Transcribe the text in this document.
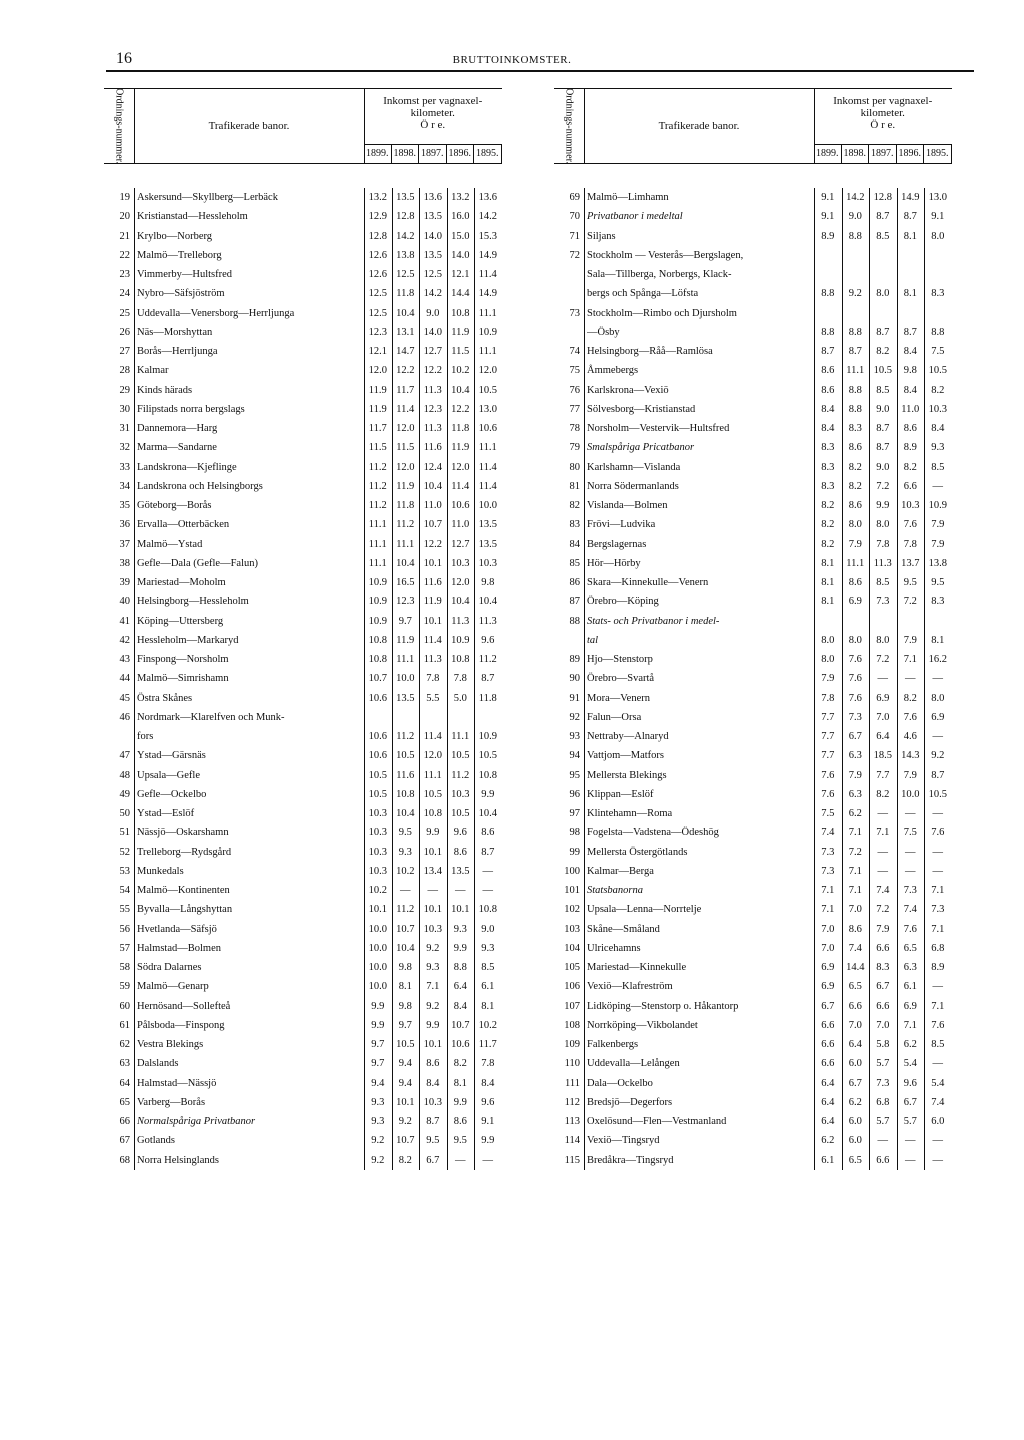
16	BRUTTOINKOMSTER.
Ordnings-nummer.	Trafikerade banor.
Inkomst per vagnaxel-
kilometer.
Ö r e.
1899. 1898. 1897. 1896. 1895.
19 Askersund—Skyllberg—Lerbäck	13.2 13.5 13.6 13.2 13.6
20 Kristianstad—Hessleholm	12.9 12.8 13.5 16.0 14.2
21 Krylbo—Norberg	12.8 14.2 14.0 15.0 15.3
22 Malmö—Trelleborg	12.6 13.8 13.5 14.0 14.9
23 Vimmerby—Hultsfred	12.6 12.5 12.5 12.1 11.4
24 Nybro—Säfsjöström	12.5 11.8 14.2 14.4 14.9
25 Uddevalla—Venersborg—Herrljunga	12.5 10.4	9.0	10.8 11.1
26 Näs—Morshyttan	12.3 13.1 14.0 11.9 10.9
27 Borås—Herrljunga	12.1 14.7 12.7 11.5 11.1
28 Kalmar	12.0 12.2 12.2 10.2 12.0
29 Kinds härads	11.9 11.7 11.3 10.4 10.5
30 Filipstads norra bergslags	11.9 11.4 12.3 12.2 13.0
31 Dannemora—Harg	11.7 12.0 11.3 11.8 10.6
32 Marma—Sandarne	11.5 11.5 11.6 11.9 11.1
33 Landskrona—Kjeflinge	11.2 12.0 12.4 12.0 11.4
34 Landskrona och Helsingborgs	11.2 11.9 10.4 11.4 11.4
35 Göteborg—Borås	11.2 11.8 11.0 10.6 10.0
36 Ervalla—Otterbäcken	11.1 11.2 10.7 11.0 13.5
37 Malmö—Ystad	11.1 11.1 12.2 12.7 13.5
38 Gefle—Dala (Gefle—Falun)	11.1 10.4 10.1 10.3 10.3
39 Mariestad—Moholm	10.9 16.5 11.6 12.0	9.8
40 Helsingborg—Hessleholm	10.9 12.3 11.9 10.4 10.4
41 Köping—Uttersberg	10.9	9.7	10.1 11.3 11.3
42 Hessleholm—Markaryd	10.8 11.9 11.4 10.9	9.6
43 Finspong—Norsholm	10.8 11.1 11.3 10.8 11.2
44 Malmö—Simrishamn	10.7 10.0	7.8	7.8	8.7
45 Östra Skånes	10.6 13.5	5.5	5.0	11.8
46 Nordmark—Klarelfven och Munk-
fors	10.6 11.2 11.4 11.1 10.9
47 Ystad—Gärsnäs	10.6 10.5 12.0 10.5 10.5
48 Upsala—Gefle	10.5 11.6 11.1 11.2 10.8
49 Gefle—Ockelbo	10.5 10.8 10.5 10.3	9.9
50 Ystad—Eslöf	10.3 10.4 10.8 10.5 10.4
51 Nässjö—Oskarshamn	10.3	9.5	9.9	9.6	8.6
52 Trelleborg—Rydsgård	10.3	9.3	10.1	8.6	8.7
53 Munkedals	10.3 10.2 13.4 13.5	—
54 Malmö—Kontinenten	10.2	—	—	—	—
55 Byvalla—Långshyttan	10.1 11.2 10.1 10.1 10.8
56 Hvetlanda—Säfsjö	10.0 10.7 10.3	9.3	9.0
57 Halmstad—Bolmen	10.0 10.4	9.2	9.9	9.3
58 Södra Dalarnes	10.0	9.8	9.3	8.8	8.5
59 Malmö—Genarp	10.0	8.1	7.1	6.4	6.1
60 Hernösand—Sollefteå	9.9	9.8	9.2	8.4	8.1
61 Pålsboda—Finspong	9.9	9.7	9.9	10.7 10.2
62 Vestra Blekings	9.7	10.5 10.1 10.6 11.7
63 Dalslands	9.7	9.4	8.6	8.2	7.8
64 Halmstad—Nässjö	9.4	9.4	8.4	8.1	8.4
65 Varberg—Borås	9.3	10.1 10.3	9.9	9.6
66 Normalspåriga Privatbanor	9.3	9.2	8.7	8.6	9.1
67 Gotlands	9.2	10.7	9.5	9.5	9.9
68 Norra Helsinglands	9.2	8.2	6.7	—	—
Ordnings-nummer.	Trafikerade banor.
Inkomst per vagnaxel-
kilometer.
Ö r e.
1899. 1898. 1897. 1896. 1895.
69 Malmö—Limhamn	9.1	14.2 12.8 14.9 13.0
70 Privatbanor i medeltal	9.1	9.0	8.7	8.7	9.1
71 Siljans	8.9	8.8	8.5	8.1	8.0
72 Stockholm — Vesterås—Bergslagen,
Sala—Tillberga, Norbergs, Klack-
bergs och Spånga—Löfsta	8.8	9.2	8.0	8.1	8.3
73 Stockholm—Rimbo och Djursholm
—Ösby	8.8	8.8	8.7	8.7	8.8
74 Helsingborg—Råå—Ramlösa	8.7	8.7	8.2	8.4	7.5
75 Åmmebergs	8.6	11.1 10.5	9.8	10.5
76 Karlskrona—Vexiö	8.6	8.8	8.5	8.4	8.2
77 Sölvesborg—Kristianstad	8.4	8.8	9.0	11.0 10.3
78 Norsholm—Vestervik—Hultsfred	8.4	8.3	8.7	8.6	8.4
79 Smalspåriga Pricatbanor	8.3	8.6	8.7	8.9	9.3
80 Karlshamn—Vislanda	8.3	8.2	9.0	8.2	8.5
81 Norra Södermanlands	8.3	8.2	7.2	6.6	—
82 Vislanda—Bolmen	8.2	8.6	9.9	10.3 10.9
83 Frövi—Ludvika	8.2	8.0	8.0	7.6	7.9
84 Bergslagernas	8.2	7.9	7.8	7.8	7.9
85 Hör—Hörby	8.1	11.1 11.3 13.7 13.8
86 Skara—Kinnekulle—Venern	8.1	8.6	8.5	9.5	9.5
87 Örebro—Köping	8.1	6.9	7.3	7.2	8.3
88 Stats- och Privatbanor i medel-
tal	8.0	8.0	8.0	7.9	8.1
89 Hjo—Stenstorp	8.0	7.6	7.2	7.1	16.2
90 Örebro—Svartå	7.9	7.6	—	—	—
91 Mora—Venern	7.8	7.6	6.9	8.2	8.0
92 Falun—Orsa	7.7	7.3	7.0	7.6	6.9
93 Nettraby—Alnaryd	7.7	6.7	6.4	4.6	—
94 Vattjom—Matfors	7.7	6.3	18.5 14.3	9.2
95 Mellersta Blekings	7.6	7.9	7.7	7.9	8.7
96 Klippan—Eslöf	7.6	6.3	8.2	10.0 10.5
97 Klintehamn—Roma	7.5	6.2	—	—	—
98 Fogelsta—Vadstena—Ödeshög	7.4	7.1	7.1	7.5	7.6
99 Mellersta Östergötlands	7.3	7.2	—	—	—
100 Kalmar—Berga	7.3	7.1	—	—	—
101 Statsbanorna	7.1	7.1	7.4	7.3	7.1
102 Upsala—Lenna—Norrtelje	7.1	7.0	7.2	7.4	7.3
103 Skåne—Småland	7.0	8.6	7.9	7.6	7.1
104 Ulricehamns	7.0	7.4	6.6	6.5	6.8
105 Mariestad—Kinnekulle	6.9	14.4	8.3	6.3	8.9
106 Vexiö—Klafreström	6.9	6.5	6.7	6.1	—
107 Lidköping—Stenstorp o. Håkantorp	6.7	6.6	6.6	6.9	7.1
108 Norrköping—Vikbolandet	6.6	7.0	7.0	7.1	7.6
109 Falkenbergs	6.6	6.4	5.8	6.2	8.5
110 Uddevalla—Lelången	6.6	6.0	5.7	5.4	—
111 Dala—Ockelbo	6.4	6.7	7.3	9.6	5.4
112 Bredsjö—Degerfors	6.4	6.2	6.8	6.7	7.4
113 Oxelösund—Flen—Vestmanland	6.4	6.0	5.7	5.7	6.0
114 Vexiö—Tingsryd	6.2	6.0	—	—	—
115 Bredåkra—Tingsryd	6.1	6.5	6.6	—	—
